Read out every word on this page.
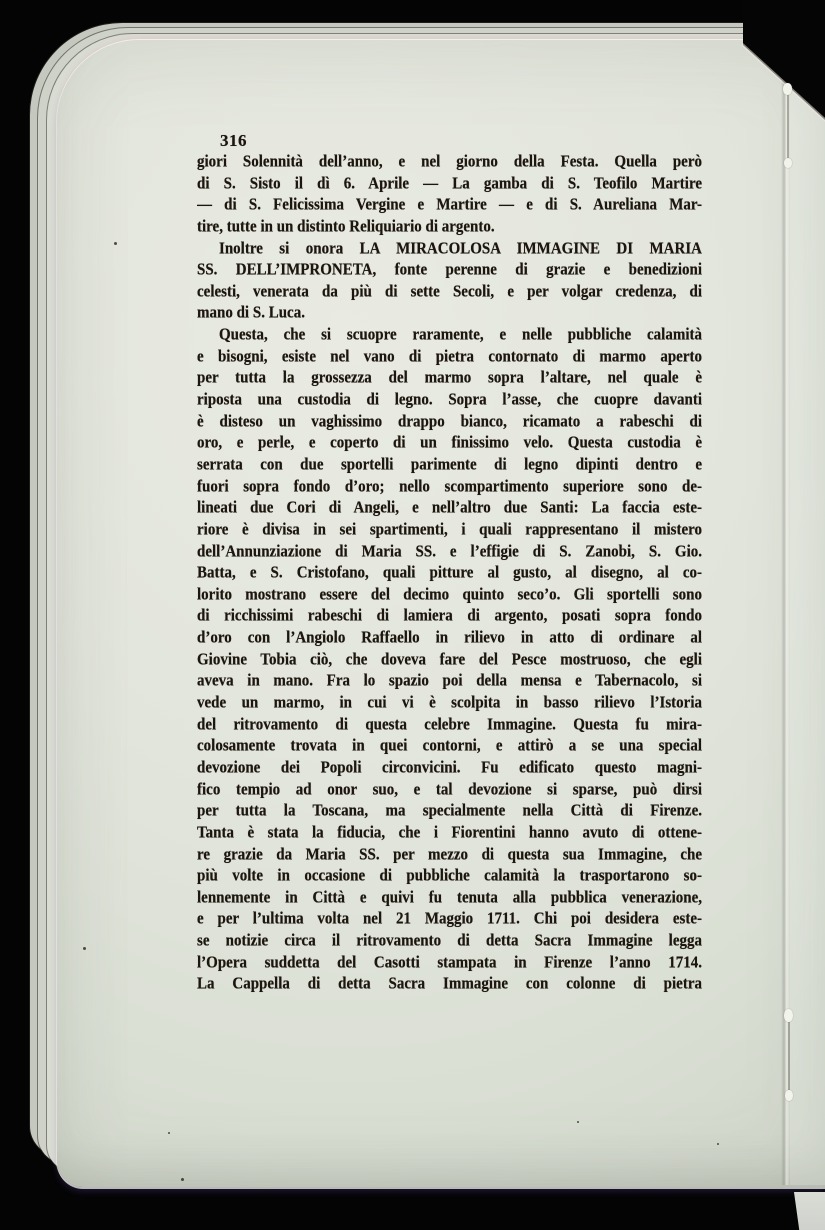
316
giori Solennità dell’anno, e nel giorno della Festa. Quella però
di S. Sisto il dì 6. Aprile — La gamba di S. Teofilo Martire
— di S. Felicissima Vergine e Martire — e di S. Aureliana Mar-
tire, tutte in un distinto Reliquiario di argento.
Inoltre si onora LA MIRACOLOSA IMMAGINE DI MARIA
SS. DELL’IMPRONETA, fonte perenne di grazie e benedizioni
celesti, venerata da più di sette Secoli, e per volgar credenza, di
mano di S. Luca.
Questa, che si scuopre raramente, e nelle pubbliche calamità
e bisogni, esiste nel vano di pietra contornato di marmo aperto
per tutta la grossezza del marmo sopra l’altare, nel quale è
riposta una custodia di legno. Sopra l’asse, che cuopre davanti
è disteso un vaghissimo drappo bianco, ricamato a rabeschi di
oro, e perle, e coperto di un finissimo velo. Questa custodia è
serrata con due sportelli parimente di legno dipinti dentro e
fuori sopra fondo d’oro; nello scompartimento superiore sono de-
lineati due Cori di Angeli, e nell’altro due Santi: La faccia este-
riore è divisa in sei spartimenti, i quali rappresentano il mistero
dell’Annunziazione di Maria SS. e l’effigie di S. Zanobi, S. Gio.
Batta, e S. Cristofano, quali pitture al gusto, al disegno, al co-
lorito mostrano essere del decimo quinto seco’o. Gli sportelli sono
di ricchissimi rabeschi di lamiera di argento, posati sopra fondo
d’oro con l’Angiolo Raffaello in rilievo in atto di ordinare al
Giovine Tobia ciò, che doveva fare del Pesce mostruoso, che egli
aveva in mano. Fra lo spazio poi della mensa e Tabernacolo, si
vede un marmo, in cui vi è scolpita in basso rilievo l’Istoria
del ritrovamento di questa celebre Immagine. Questa fu mira-
colosamente trovata in quei contorni, e attirò a se una special
devozione dei Popoli circonvicini. Fu edificato questo magni-
fico tempio ad onor suo, e tal devozione si sparse, può dirsi
per tutta la Toscana, ma specialmente nella Città di Firenze.
Tanta è stata la fiducia, che i Fiorentini hanno avuto di ottene-
re grazie da Maria SS. per mezzo di questa sua Immagine, che
più volte in occasione di pubbliche calamità la trasportarono so-
lennemente in Città e quivi fu tenuta alla pubblica venerazione,
e per l’ultima volta nel 21 Maggio 1711. Chi poi desidera este-
se notizie circa il ritrovamento di detta Sacra Immagine legga
l’Opera suddetta del Casotti stampata in Firenze l’anno 1714.
La Cappella di detta Sacra Immagine con colonne di pietra
